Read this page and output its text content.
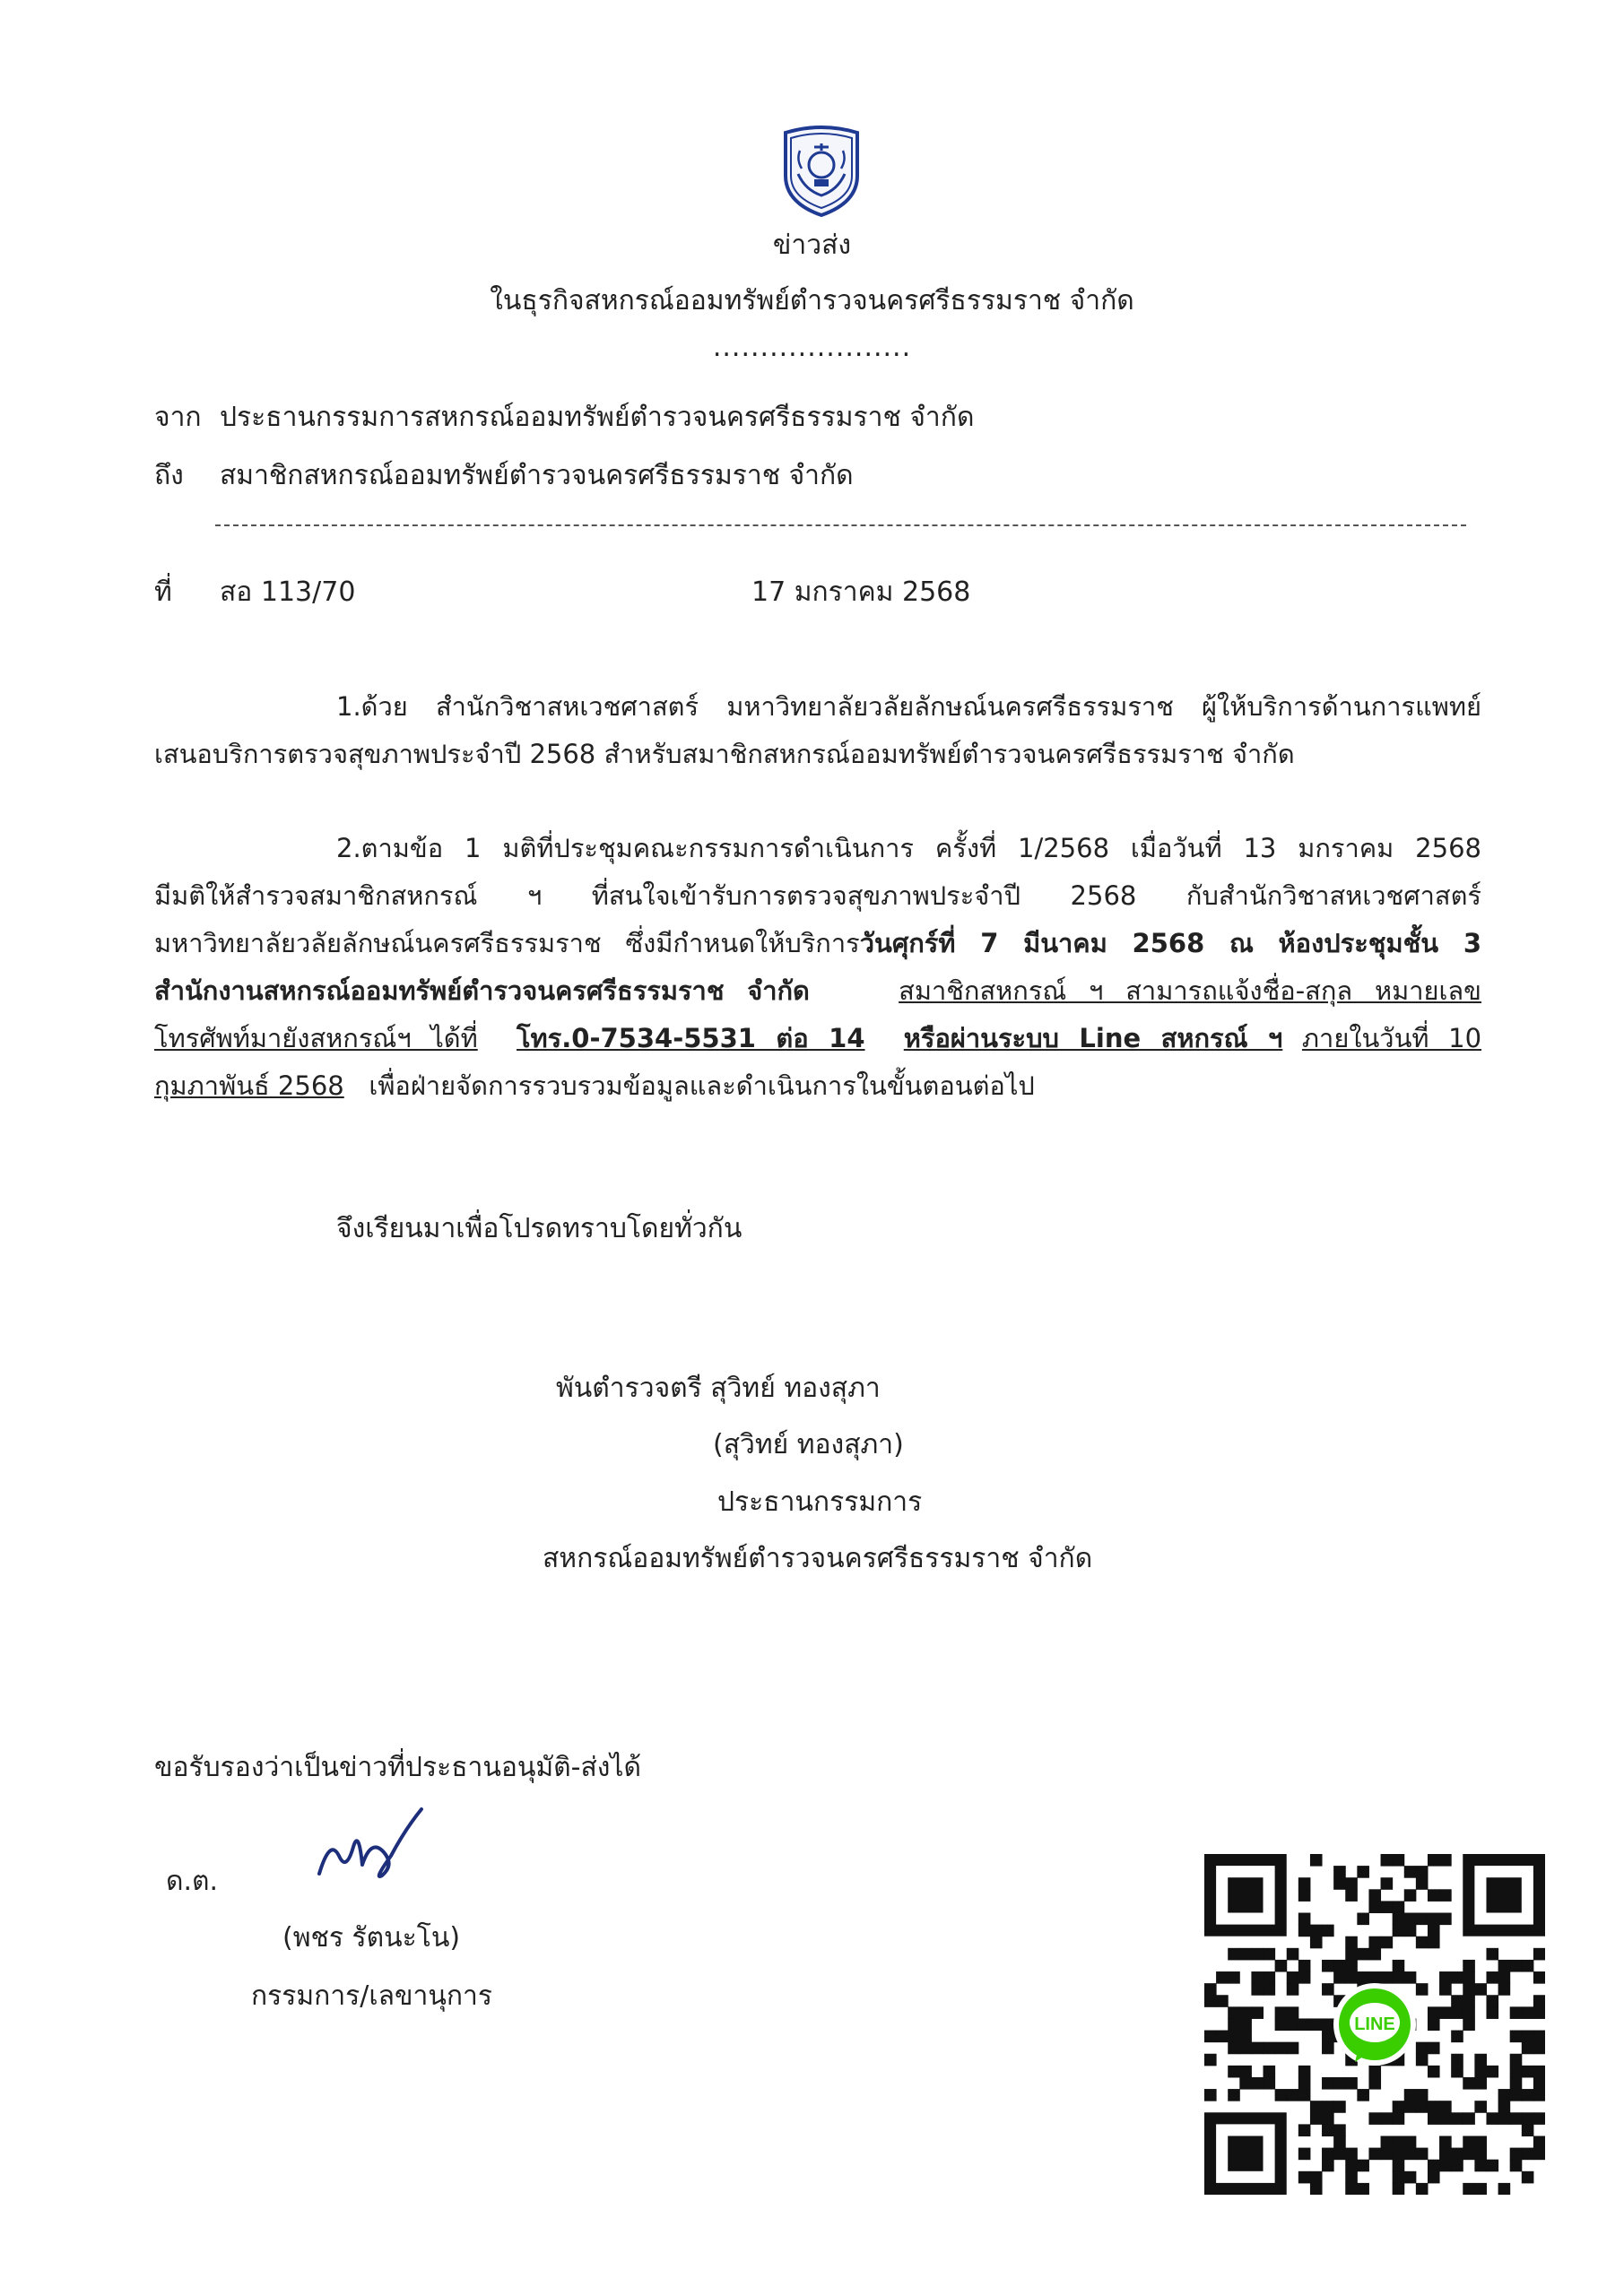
ข่าวส่ง
ในธุรกิจสหกรณ์ออมทรัพย์ตำรวจนครศรีธรรมราช จำกัด
.....................
จาก ประธานกรรมการสหกรณ์ออมทรัพย์ตำรวจนครศรีธรรมราช จำกัด
ถึง สมาชิกสหกรณ์ออมทรัพย์ตำรวจนครศรีธรรมราช จำกัด
ที่ สอ 113/70	17 มกราคม 2568
1.ด้วย สำนักวิชาสหเวชศาสตร์ มหาวิทยาลัยวลัยลักษณ์นครศรีธรรมราช ผู้ให้บริการด้านการแพทย์
เสนอบริการตรวจสุขภาพประจำปี 2568 สำหรับสมาชิกสหกรณ์ออมทรัพย์ตำรวจนครศรีธรรมราช จำกัด
2.ตามข้อ 1 มติที่ประชุมคณะกรรมการดำเนินการ ครั้งที่ 1/2568 เมื่อวันที่ 13 มกราคม 2568
มีมติให้สำรวจสมาชิกสหกรณ์ ฯ ที่สนใจเข้ารับการตรวจสุขภาพประจำปี 2568 กับสำนักวิชาสหเวชศาสตร์
มหาวิทยาลัยวลัยลักษณ์นครศรีธรรมราช ซึ่งมีกำหนดให้บริการวันศุกร์ที่ 7 มีนาคม 2568 ณ ห้องประชุมชั้น 3
สำนักงานสหกรณ์ออมทรัพย์ตำรวจนครศรีธรรมราช จำกัด	สมาชิกสหกรณ์ ฯ สามารถแจ้งชื่อ-สกุล หมายเลข
โทรศัพท์มายังสหกรณ์ฯ ได้ที่ โทร.0-7534-5531 ต่อ 14 หรือผ่านระบบ Line สหกรณ์ ฯ ภายในวันที่ 10
กุมภาพันธ์ 2568 เพื่อฝ่ายจัดการรวบรวมข้อมูลและดำเนินการในขั้นตอนต่อไป
จึงเรียนมาเพื่อโปรดทราบโดยทั่วกัน
พันตำรวจตรี สุวิทย์ ทองสุภา
(สุวิทย์ ทองสุภา)
ประธานกรรมการ
สหกรณ์ออมทรัพย์ตำรวจนครศรีธรรมราช จำกัด
ขอรับรองว่าเป็นข่าวที่ประธานอนุมัติ-ส่งได้
ด.ต.
(พชร รัตนะโน)
กรรมการ/เลขานุการ
LINE
